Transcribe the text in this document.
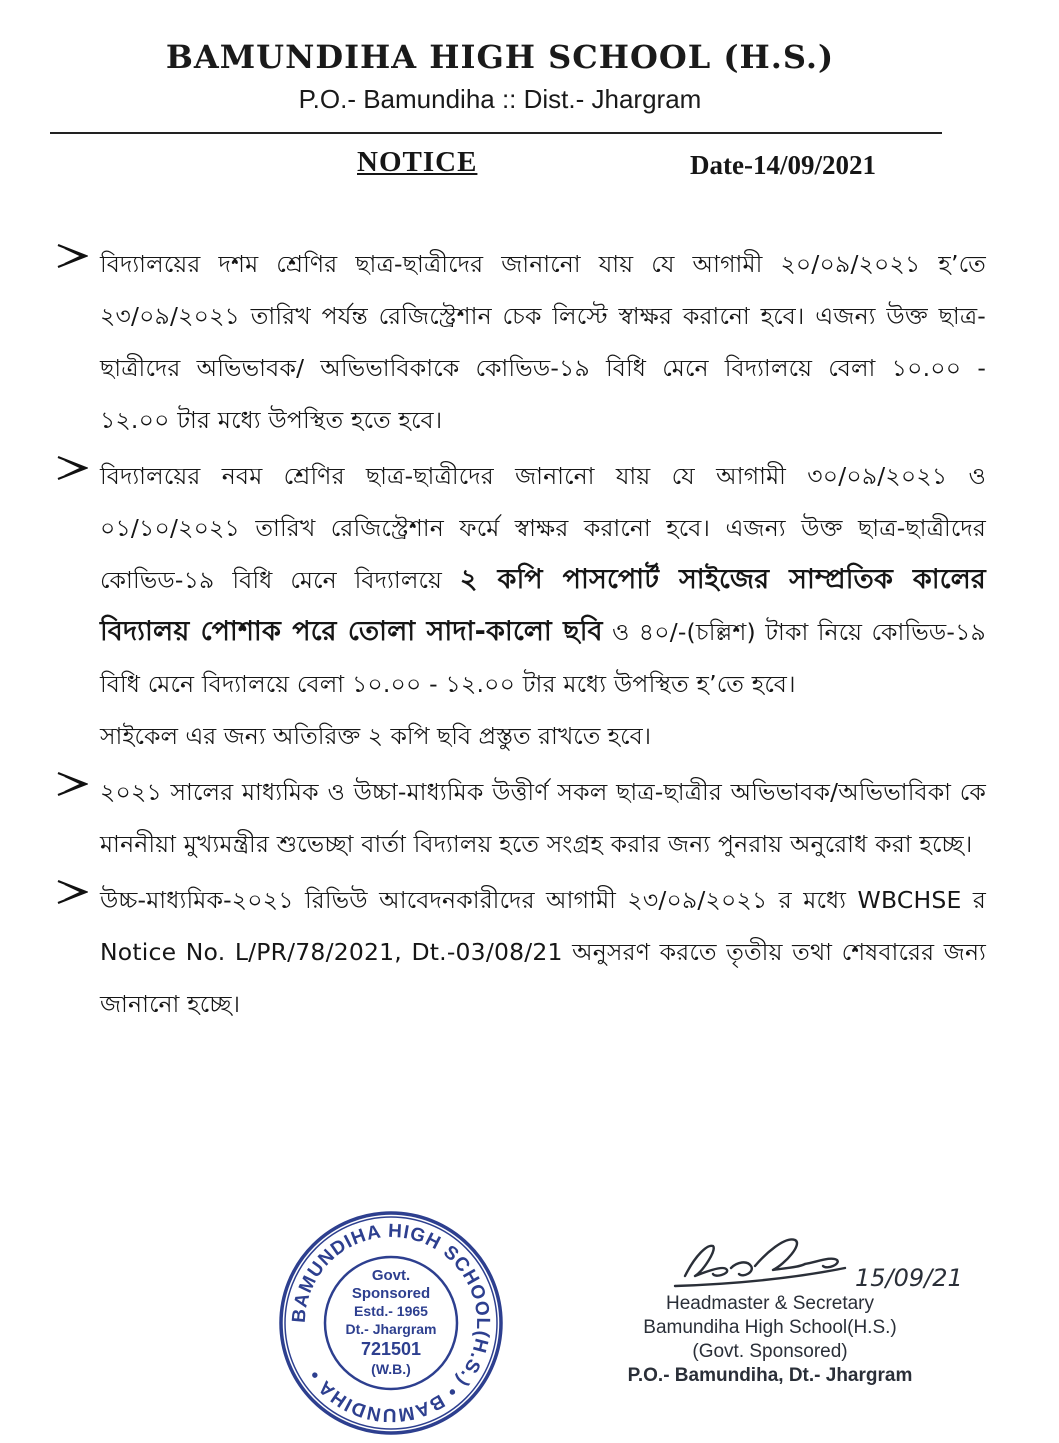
BAMUNDIHA HIGH SCHOOL (H.S.)
P.O.- Bamundiha :: Dist.- Jhargram
NOTICE	Date-14/09/2021

বিদ্যালয়ের দশম শ্রেণির ছাত্র-ছাত্রীদের জানানো যায় যে আগামী ২০/০৯/২০২১ হ’তে ২৩/০৯/২০২১ তারিখ পর্যন্ত রেজিস্ট্রেশান চেক লিস্টে স্বাক্ষর করানো হবে। এজন্য উক্ত ছাত্র-ছাত্রীদের অভিভাবক/ অভিভাবিকাকে কোভিড-১৯ বিধি মেনে বিদ্যালয়ে বেলা ১০.০০ - ১২.০০ টার মধ্যে উপস্থিত হতে হবে।

বিদ্যালয়ের নবম শ্রেণির ছাত্র-ছাত্রীদের জানানো যায় যে আগামী ৩০/০৯/২০২১ ও ০১/১০/২০২১ তারিখ রেজিস্ট্রেশান ফর্মে স্বাক্ষর করানো হবে। এজন্য উক্ত ছাত্র-ছাত্রীদের কোভিড-১৯ বিধি মেনে বিদ্যালয়ে ২ কপি পাসপোর্ট সাইজের সাম্প্রতিক কালের বিদ্যালয় পোশাক পরে তোলা সাদা-কালো ছবি ও ৪০/-(চল্লিশ) টাকা নিয়ে কোভিড-১৯ বিধি মেনে বিদ্যালয়ে বেলা ১০.০০ - ১২.০০ টার মধ্যে উপস্থিত হ’তে হবে।

সাইকেল এর জন্য অতিরিক্ত ২ কপি ছবি প্রস্তুত রাখতে হবে।

২০২১ সালের মাধ্যমিক ও উচ্চা-মাধ্যমিক উত্তীর্ণ সকল ছাত্র-ছাত্রীর অভিভাবক/অভিভাবিকা কে মাননীয়া মুখ্যমন্ত্রীর শুভেচ্ছা বার্তা বিদ্যালয় হতে সংগ্রহ করার জন্য পুনরায় অনুরোধ করা হচ্ছে।

উচ্চ-মাধ্যমিক-২০২১ রিভিউ আবেদনকারীদের আগামী ২৩/০৯/২০২১ র মধ্যে WBCHSE র Notice No. L/PR/78/2021, Dt.-03/08/21 অনুসরণ করতে তৃতীয় তথা শেষবারের জন্য জানানো হচ্ছে।

BAMUNDIHA HIGH SCHOOL(H.S.) • BAMUNDIHA •
Govt.
Sponsored
Estd.- 1965
Dt.- Jhargram
721501
(W.B.)
15/09/21
Headmaster & Secretary
Bamundiha High School(H.S.)
(Govt. Sponsored)
P.O.- Bamundiha, Dt.- Jhargram
